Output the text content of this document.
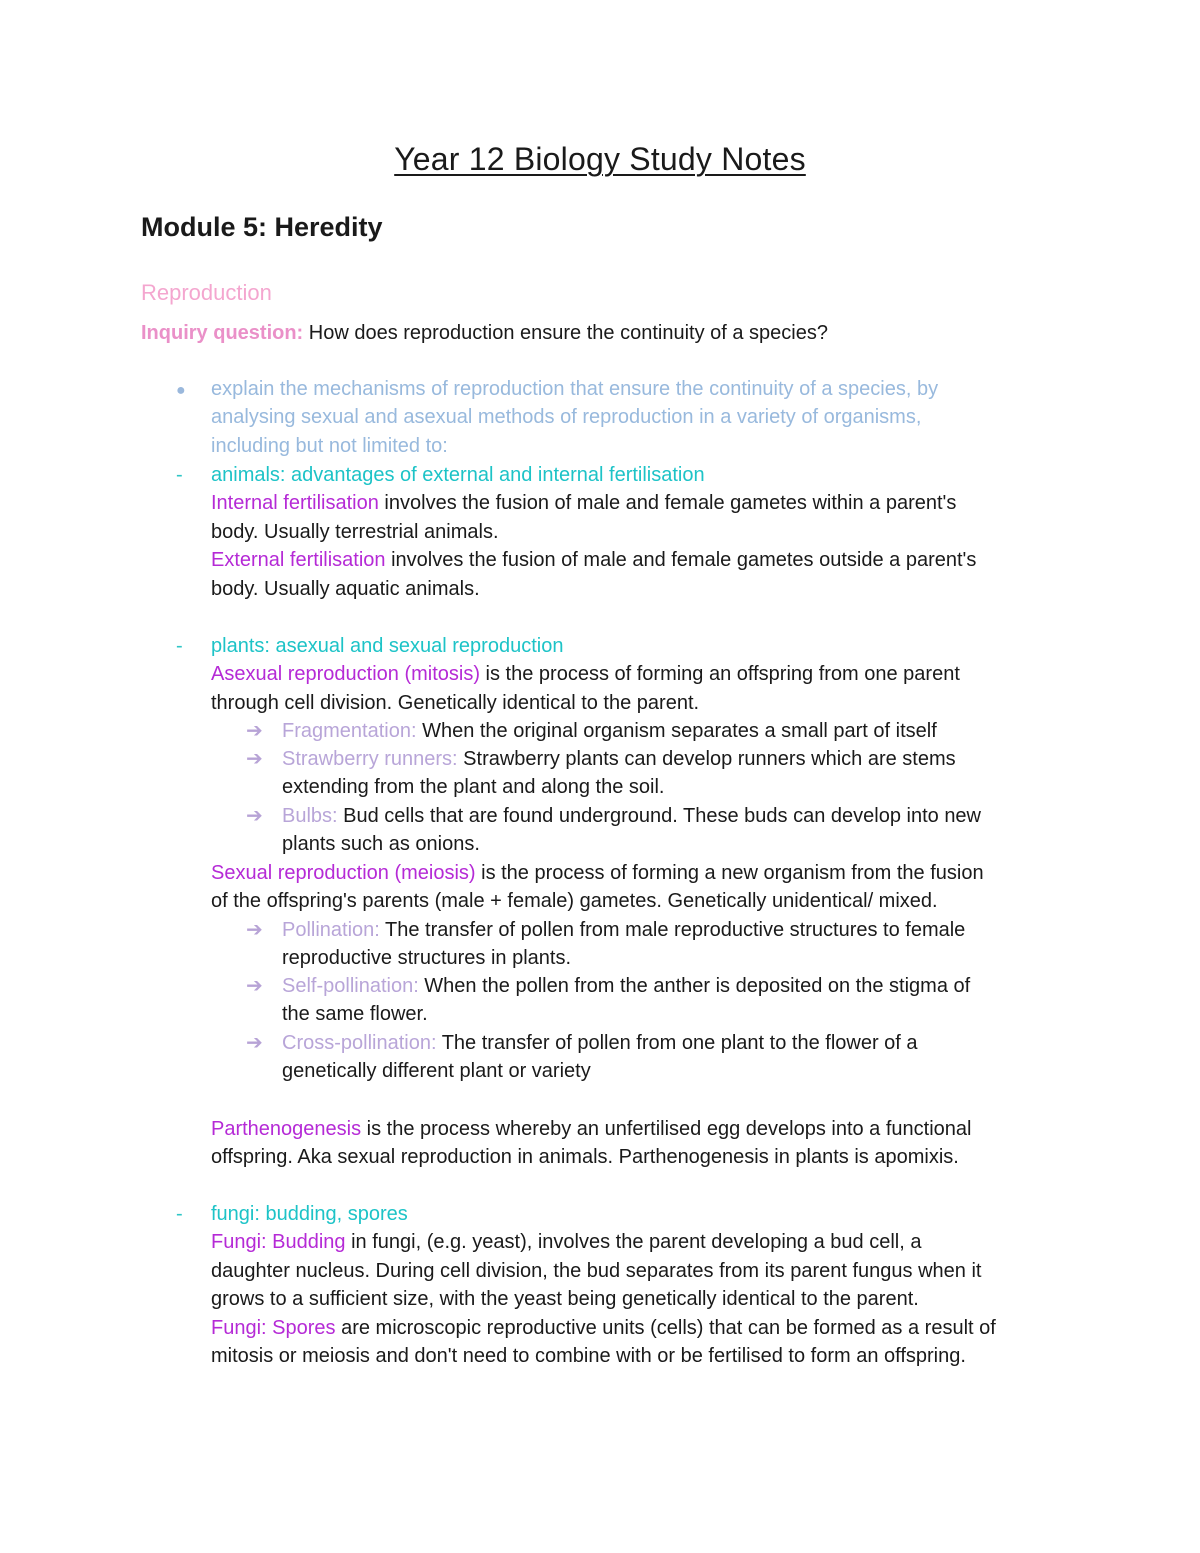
Year 12 Biology Study Notes
Module 5: Heredity
Reproduction
Inquiry question: How does reproduction ensure the continuity of a species?
● explain the mechanisms of reproduction that ensure the continuity of a species, by
analysing sexual and asexual methods of reproduction in a variety of organisms,
including but not limited to:
- animals: advantages of external and internal fertilisation
Internal fertilisation involves the fusion of male and female gametes within a parent's
body. Usually terrestrial animals.
External fertilisation involves the fusion of male and female gametes outside a parent's
body. Usually aquatic animals.
- plants: asexual and sexual reproduction
Asexual reproduction (mitosis) is the process of forming an offspring from one parent
through cell division. Genetically identical to the parent.
➔ Fragmentation: When the original organism separates a small part of itself
➔ Strawberry runners: Strawberry plants can develop runners which are stems
extending from the plant and along the soil.
➔ Bulbs: Bud cells that are found underground. These buds can develop into new
plants such as onions.
Sexual reproduction (meiosis) is the process of forming a new organism from the fusion
of the offspring's parents (male + female) gametes. Genetically unidentical/ mixed.
➔ Pollination: The transfer of pollen from male reproductive structures to female
reproductive structures in plants.
➔ Self-pollination: When the pollen from the anther is deposited on the stigma of
the same flower.
➔ Cross-pollination: The transfer of pollen from one plant to the flower of a
genetically different plant or variety
Parthenogenesis is the process whereby an unfertilised egg develops into a functional
offspring. Aka sexual reproduction in animals. Parthenogenesis in plants is apomixis.
- fungi: budding, spores
Fungi: Budding in fungi, (e.g. yeast), involves the parent developing a bud cell, a
daughter nucleus. During cell division, the bud separates from its parent fungus when it
grows to a sufficient size, with the yeast being genetically identical to the parent.
Fungi: Spores are microscopic reproductive units (cells) that can be formed as a result of
mitosis or meiosis and don't need to combine with or be fertilised to form an offspring.
